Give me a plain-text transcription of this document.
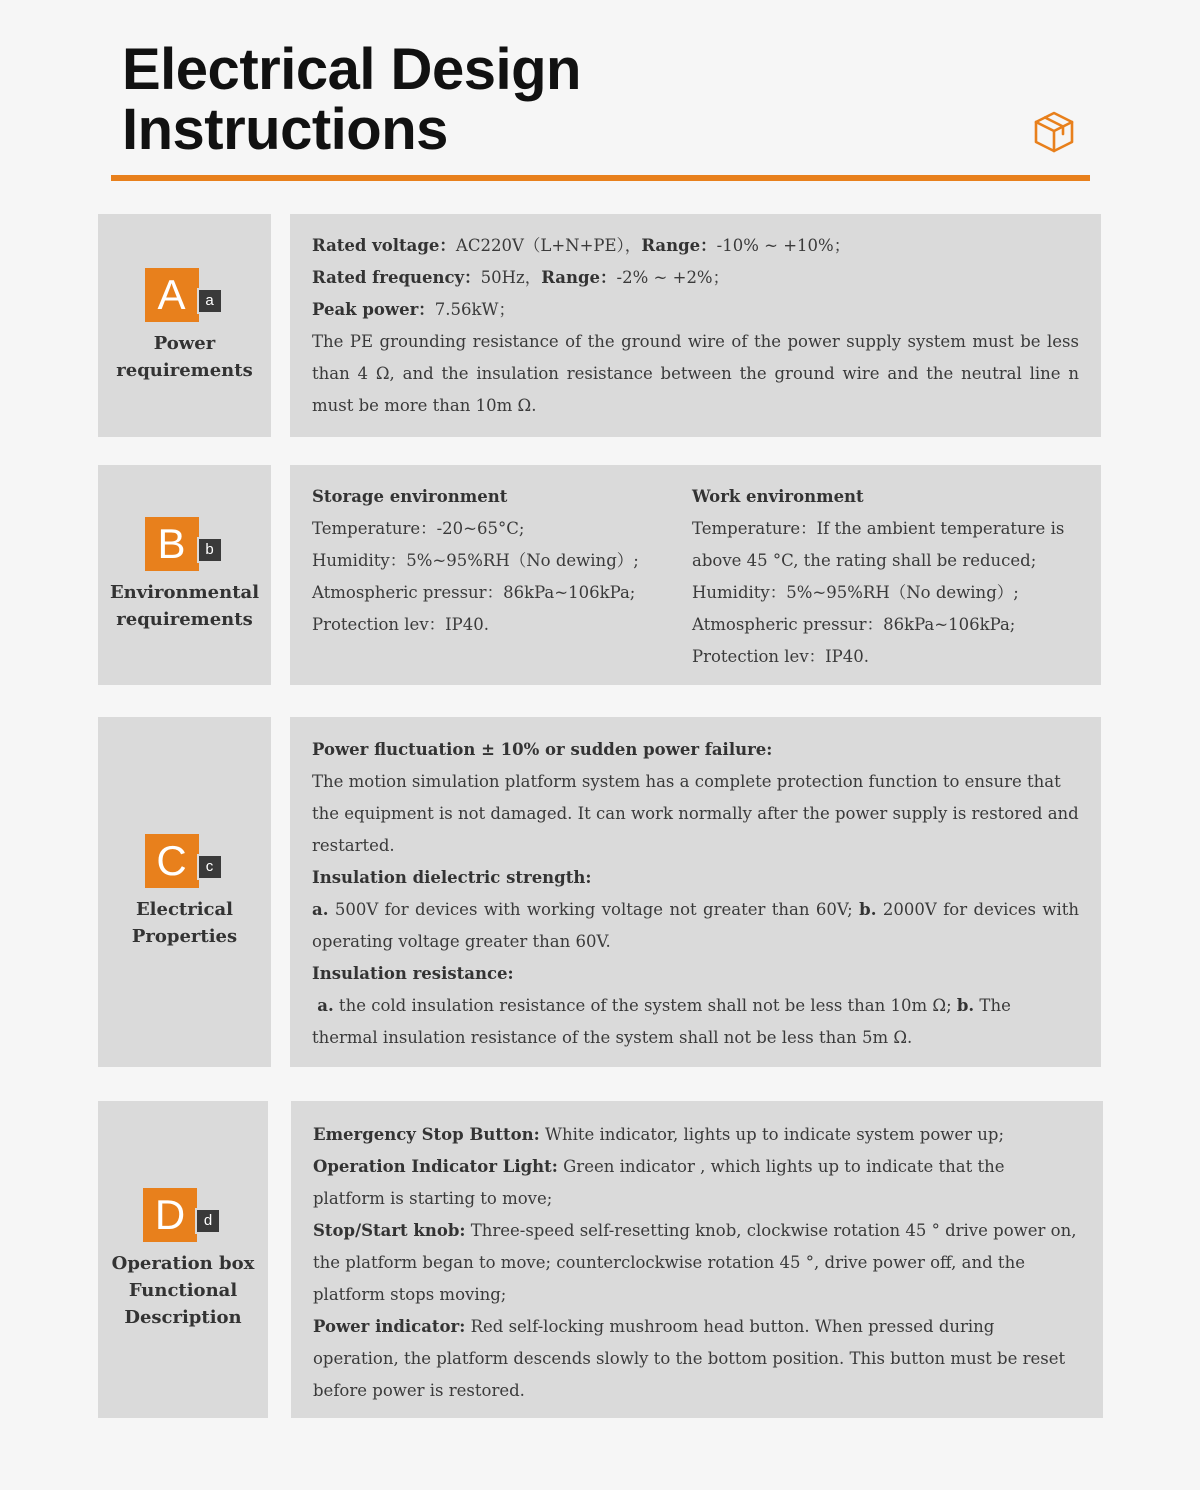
Electrical Design
Instructions
A	a
Power
requirements

Rated voltage：AC220V（L+N+PE），Range：-10% ~ +10%；

Rated frequency：50Hz，Range：-2% ~ +2%；

Peak power：7.56kW；

The PE grounding resistance of the ground wire of the power supply system must be less than 4 Ω, and the insulation resistance between the ground wire and the neutral line n must be more than 10m Ω.

B	b
Environmental
requirements

Storage environment

Temperature：-20~65°C;

Humidity：5%~95%RH（No dewing）;

Atmospheric pressur：86kPa~106kPa;

Protection lev：IP40.

Work environment

Temperature：If the ambient temperature is

above 45 °C, the rating shall be reduced;

Humidity：5%~95%RH（No dewing）;

Atmospheric pressur：86kPa~106kPa;

Protection lev：IP40.

C	c
Electrical
Properties

Power fluctuation ± 10% or sudden power failure:

The motion simulation platform system has a complete protection function to ensure that the equipment is not damaged. It can work normally after the power supply is restored and restarted.

Insulation dielectric strength:

a. 500V for devices with working voltage not greater than 60V; b. 2000V for devices with operating voltage greater than 60V.

Insulation resistance:

a. the cold insulation resistance of the system shall not be less than 10m Ω; b. The thermal insulation resistance of the system shall not be less than 5m Ω.

D	d
Operation box
Functional
Description

Emergency Stop Button: White indicator, lights up to indicate system power up;

Operation Indicator Light: Green indicator , which lights up to indicate that the platform is starting to move;

Stop/Start knob: Three-speed self-resetting knob, clockwise rotation 45 ° drive power on, the platform began to move; counterclockwise rotation 45 °, drive power off, and the platform stops moving;

Power indicator: Red self-locking mushroom head button. When pressed during operation, the platform descends slowly to the bottom position. This button must be reset before power is restored.
